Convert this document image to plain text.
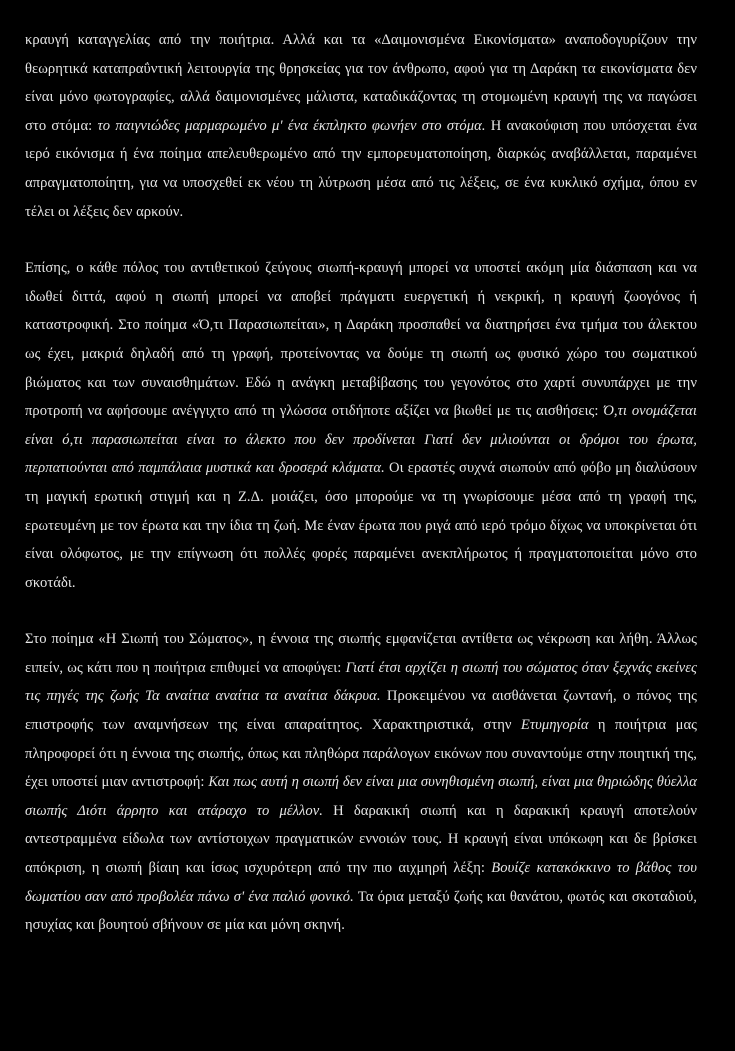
κραυγή καταγγελίας από την ποιήτρια. Αλλά και τα «Δαιμονισμένα Εικονίσματα» αναποδογυρίζουν την θεωρητικά καταπραΰντική λειτουργία της θρησκείας για τον άνθρωπο, αφού για τη Δαράκη τα εικονίσματα δεν είναι μόνο φωτογραφίες, αλλά δαιμονισμένες μάλιστα, καταδικάζοντας τη στομωμένη κραυγή της να παγώσει στο στόμα: το παιγνιώδες μαρμαρωμένο μ' ένα έκπληκτο φωνήεν στο στόμα. Η ανακούφιση που υπόσχεται ένα ιερό εικόνισμα ή ένα ποίημα απελευθερωμένο από την εμπορευματοποίηση, διαρκώς αναβάλλεται, παραμένει απραγματοποίητη, για να υποσχεθεί εκ νέου τη λύτρωση μέσα από τις λέξεις, σε ένα κυκλικό σχήμα, όπου εν τέλει οι λέξεις δεν αρκούν.

Επίσης, ο κάθε πόλος του αντιθετικού ζεύγους σιωπή-κραυγή μπορεί να υποστεί ακόμη μία διάσπαση και να ιδωθεί διττά, αφού η σιωπή μπορεί να αποβεί πράγματι ευεργετική ή νεκρική, η κραυγή ζωογόνος ή καταστροφική. Στο ποίημα «Ό,τι Παρασιωπείται», η Δαράκη προσπαθεί να διατηρήσει ένα τμήμα του άλεκτου ως έχει, μακριά δηλαδή από τη γραφή, προτείνοντας να δούμε τη σιωπή ως φυσικό χώρο του σωματικού βιώματος και των συναισθημάτων. Εδώ η ανάγκη μεταβίβασης του γεγονότος στο χαρτί συνυπάρχει με την προτροπή να αφήσουμε ανέγγιχτο από τη γλώσσα οτιδήποτε αξίζει να βιωθεί με τις αισθήσεις: Ό,τι ονομάζεται είναι ό,τι παρασιωπείται είναι το άλεκτο που δεν προδίνεται Γιατί δεν μιλιούνται οι δρόμοι του έρωτα, περπατιούνται από παμπάλαια μυστικά και δροσερά κλάματα. Οι εραστές συχνά σιωπούν από φόβο μη διαλύσουν τη μαγική ερωτική στιγμή και η Ζ.Δ. μοιάζει, όσο μπορούμε να τη γνωρίσουμε μέσα από τη γραφή της, ερωτευμένη με τον έρωτα και την ίδια τη ζωή. Με έναν έρωτα που ριγά από ιερό τρόμο δίχως να υποκρίνεται ότι είναι ολόφωτος, με την επίγνωση ότι πολλές φορές παραμένει ανεκπλήρωτος ή πραγματοποιείται μόνο στο σκοτάδι.

Στο ποίημα «Η Σιωπή του Σώματος», η έννοια της σιωπής εμφανίζεται αντίθετα ως νέκρωση και λήθη. Άλλως ειπείν, ως κάτι που η ποιήτρια επιθυμεί να αποφύγει: Γιατί έτσι αρχίζει η σιωπή του σώματος όταν ξεχνάς εκείνες τις πηγές της ζωής Τα αναίτια αναίτια τα αναίτια δάκρυα. Προκειμένου να αισθάνεται ζωντανή, ο πόνος της επιστροφής των αναμνήσεων της είναι απαραίτητος. Χαρακτηριστικά, στην Ετυμηγορία η ποιήτρια μας πληροφορεί ότι η έννοια της σιωπής, όπως και πληθώρα παράλογων εικόνων που συναντούμε στην ποιητική της, έχει υποστεί μιαν αντιστροφή: Και πως αυτή η σιωπή δεν είναι μια συνηθισμένη σιωπή, είναι μια θηριώδης θύελλα σιωπής Διότι άρρητο και ατάραχο το μέλλον. Η δαρακική σιωπή και η δαρακική κραυγή αποτελούν αντεστραμμένα είδωλα των αντίστοιχων πραγματικών εννοιών τους. Η κραυγή είναι υπόκωφη και δε βρίσκει απόκριση, η σιωπή βίαιη και ίσως ισχυρότερη από την πιο αιχμηρή λέξη: Βουίζε κατακόκκινο το βάθος του δωματίου σαν από προβολέα πάνω σ' ένα παλιό φονικό. Τα όρια μεταξύ ζωής και θανάτου, φωτός και σκοταδιού, ησυχίας και βουητού σβήνουν σε μία και μόνη σκηνή.
